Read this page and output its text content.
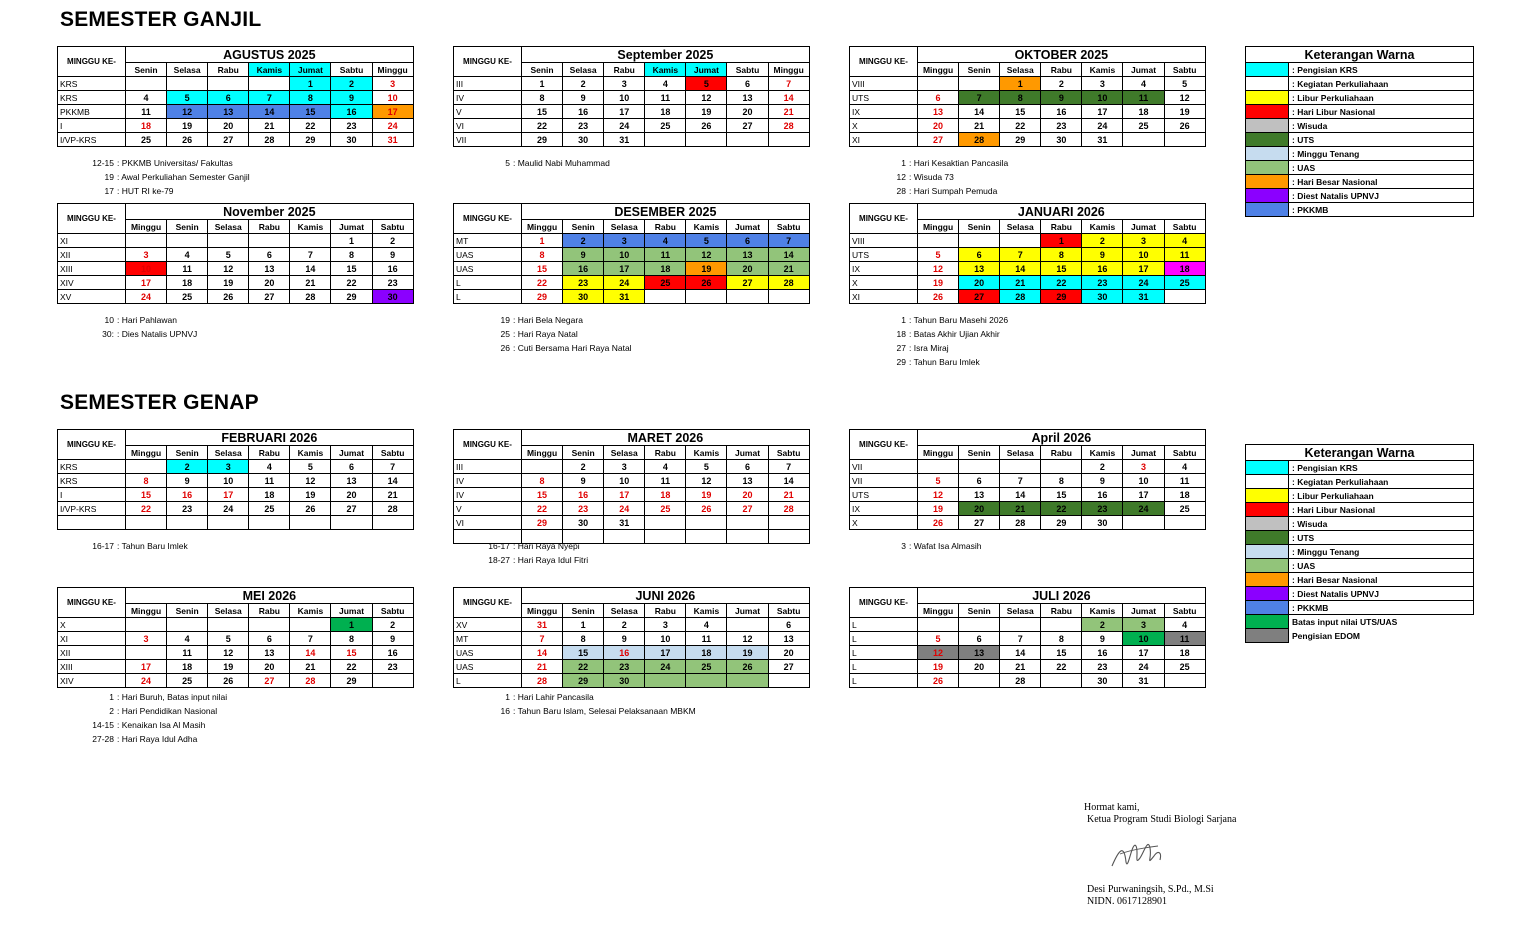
SEMESTER GANJIL
SEMESTER GENAP
MINGGU KE-	AGUSTUS 2025						
	Senin	Selasa	Rabu	Kamis	Jumat	Sabtu	Minggu
KRS					1	2	3
KRS	4	5	6	7	8	9	10
PKKMB	11	12	13	14	15	16	17
I	18	19	20	21	22	23	24
I/VP-KRS	25	26	27	28	29	30	31
12-15 : PKKMB Universitas/ Fakultas
19 : Awal Perkuliahan Semester Ganjil
17 : HUT RI ke-79
MINGGU KE-	September 2025						
	Senin	Selasa	Rabu	Kamis	Jumat	Sabtu	Minggu
III	1	2	3	4	5	6	7
IV	8	9	10	11	12	13	14
V	15	16	17	18	19	20	21
VI	22	23	24	25	26	27	28
VII	29	30	31				
5 : Maulid Nabi Muhammad
MINGGU KE-	OKTOBER 2025						
	Minggu	Senin	Selasa	Rabu	Kamis	Jumat	Sabtu
VIII			1	2	3	4	5
UTS	6	7	8	9	10	11	12
IX	13	14	15	16	17	18	19
X	20	21	22	23	24	25	26
XI	27	28	29	30	31		
1 : Hari Kesaktian Pancasila
12 : Wisuda 73
28 : Hari Sumpah Pemuda
MINGGU KE-	November 2025						
	Minggu	Senin	Selasa	Rabu	Kamis	Jumat	Sabtu
XI						1	2
XII	3	4	5	6	7	8	9
XIII	10	11	12	13	14	15	16
XIV	17	18	19	20	21	22	23
XV	24	25	26	27	28	29	30
10 : Hari Pahlawan
30: : Dies Natalis UPNVJ
MINGGU KE-	DESEMBER 2025						
	Minggu	Senin	Selasa	Rabu	Kamis	Jumat	Sabtu
MT	1	2	3	4	5	6	7
UAS	8	9	10	11	12	13	14
UAS	15	16	17	18	19	20	21
L	22	23	24	25	26	27	28
L	29	30	31				
19 : Hari Bela Negara
25 : Hari Raya Natal
26 : Cuti Bersama Hari Raya Natal
MINGGU KE-	JANUARI 2026						
	Minggu	Senin	Selasa	Rabu	Kamis	Jumat	Sabtu
VIII				1	2	3	4
UTS	5	6	7	8	9	10	11
IX	12	13	14	15	16	17	18
X	19	20	21	22	23	24	25
XI	26	27	28	29	30	31	
1 : Tahun Baru Masehi 2026
18 : Batas Akhir Ujian Akhir
27 : Isra Miraj
29 : Tahun Baru Imlek
MINGGU KE-	FEBRUARI 2026						
	Minggu	Senin	Selasa	Rabu	Kamis	Jumat	Sabtu
KRS		2	3	4	5	6	7
KRS	8	9	10	11	12	13	14
I	15	16	17	18	19	20	21
I/VP-KRS	22	23	24	25	26	27	28

16-17 : Tahun Baru Imlek
MINGGU KE-	MARET 2026						
	Minggu	Senin	Selasa	Rabu	Kamis	Jumat	Sabtu
III		2	3	4	5	6	7
IV	8	9	10	11	12	13	14
IV	15	16	17	18	19	20	21
V	22	23	24	25	26	27	28
VI	29	30	31				

16-17 : Hari Raya Nyepi
18-27 : Hari Raya Idul Fitri
MINGGU KE-	April 2026						
	Minggu	Senin	Selasa	Rabu	Kamis	Jumat	Sabtu
VII					2	3	4
VII	5	6	7	8	9	10	11
UTS	12	13	14	15	16	17	18
IX	19	20	21	22	23	24	25
X	26	27	28	29	30		
3 : Wafat Isa Almasih
MINGGU KE-	MEI 2026						
	Minggu	Senin	Selasa	Rabu	Kamis	Jumat	Sabtu
X						1	2
XI	3	4	5	6	7	8	9
XII		11	12	13	14	15	16
XIII	17	18	19	20	21	22	23
XIV	24	25	26	27	28	29	
1 : Hari Buruh, Batas input nilai
2 : Hari Pendidikan Nasional
14-15 : Kenaikan Isa Al Masih
27-28 : Hari Raya Idul Adha
MINGGU KE-	JUNI 2026						
	Minggu	Senin	Selasa	Rabu	Kamis	Jumat	Sabtu
XV	31	1	2	3	4		6
MT	7	8	9	10	11	12	13
UAS	14	15	16	17	18	19	20
UAS	21	22	23	24	25	26	27
L	28	29	30				
1 : Hari Lahir Pancasila
16 : Tahun Baru Islam, Selesai Pelaksanaan MBKM
MINGGU KE-	JULI 2026						
	Minggu	Senin	Selasa	Rabu	Kamis	Jumat	Sabtu
L					2	3	4
L	5	6	7	8	9	10	11
L	12	13	14	15	16	17	18
L	19	20	21	22	23	24	25
L	26		28		30	31	
Keterangan Warna	
	: Pengisian KRS
	: Kegiatan Perkuliahaan
	: Libur Perkuliahaan
	: Hari Libur Nasional
	: Wisuda
	: UTS
	: Minggu Tenang
	: UAS
	: Hari Besar Nasional
	: Diest Natalis UPNVJ
	: PKKMB
Keterangan Warna	
	: Pengisian KRS
	: Kegiatan Perkuliahaan
	: Libur Perkuliahaan
	: Hari Libur Nasional
	: Wisuda
	: UTS
	: Minggu Tenang
	: UAS
	: Hari Besar Nasional
	: Diest Natalis UPNVJ
	: PKKMB
	Batas input nilai UTS/UAS
	Pengisian EDOM
Hormat kami,
Ketua Program Studi Biologi Sarjana
Desi Purwaningsih, S.Pd., M.Si
NIDN. 0617128901
